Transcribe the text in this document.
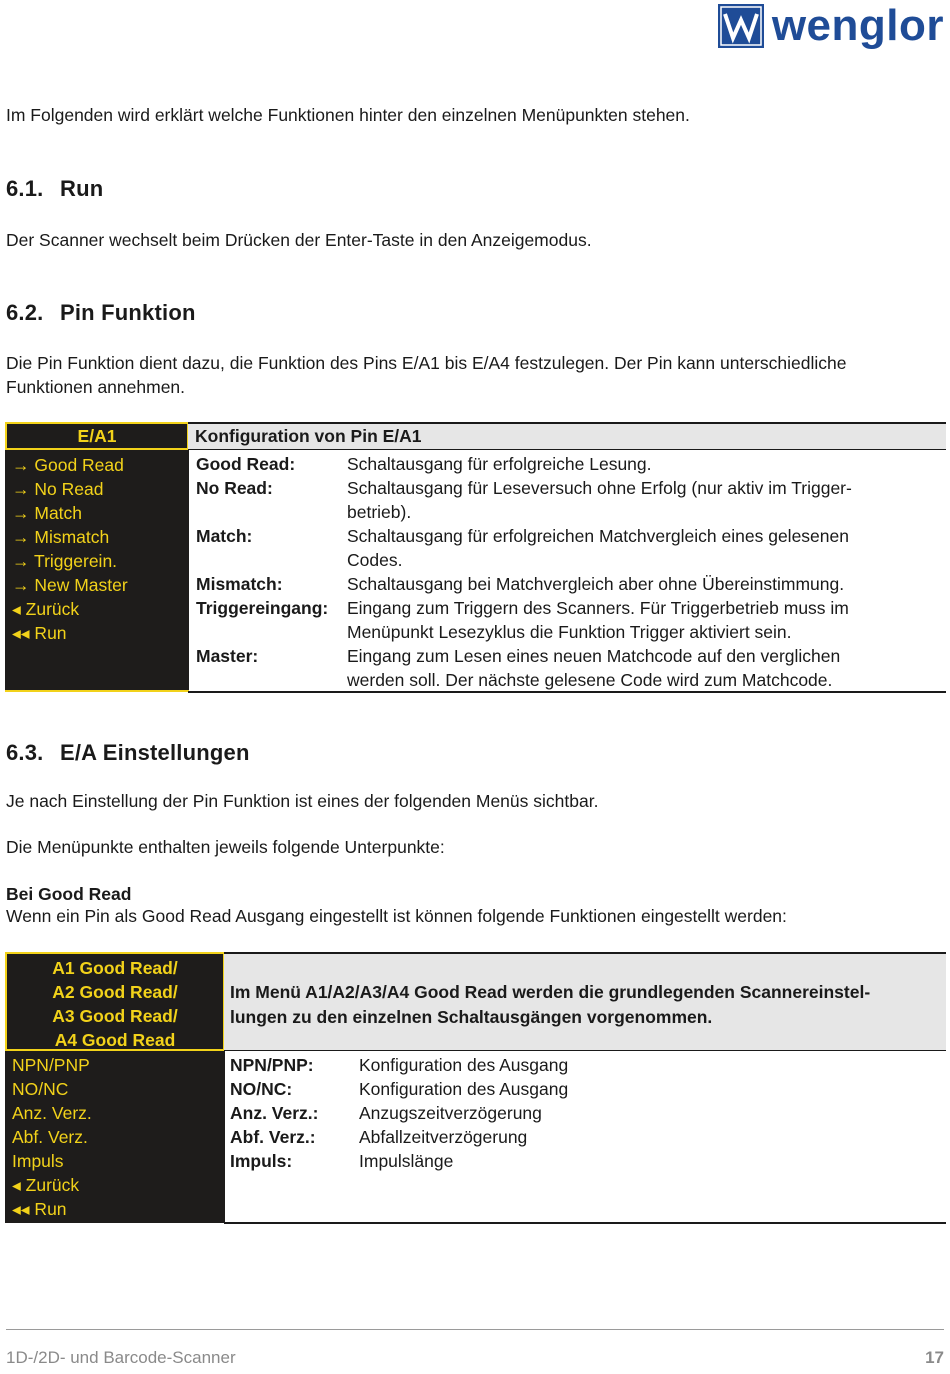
wenglor
Im Folgenden wird erklärt welche Funktionen hinter den einzelnen Menüpunkten stehen.
6.1. Run
Der Scanner wechselt beim Drücken der Enter-Taste in den Anzeigemodus.
6.2. Pin Funktion
Die Pin Funktion dient dazu, die Funktion des Pins E/A1 bis E/A4 festzulegen. Der Pin kann unterschiedliche
Funktionen annehmen.
E/A1	Konfiguration von Pin E/A1
→ Good Read
→ No Read
→ Match
→ Mismatch
→ Triggerein.
→ New Master
◂ Zurück
◂◂ Run
Good Read:	Schaltausgang für erfolgreiche Lesung.
No Read:	Schaltausgang für Leseversuch ohne Erfolg (nur aktiv im Trigger-
betrieb).
Match:	Schaltausgang für erfolgreichen Matchvergleich eines gelesenen
Codes.
Mismatch:	Schaltausgang bei Matchvergleich aber ohne Übereinstimmung.
Triggereingang:	Eingang zum Triggern des Scanners. Für Triggerbetrieb muss im
Menüpunkt Lesezyklus die Funktion Trigger aktiviert sein.
Master:	Eingang zum Lesen eines neuen Matchcode auf den verglichen
werden soll. Der nächste gelesene Code wird zum Matchcode.
6.3. E/A Einstellungen
Je nach Einstellung der Pin Funktion ist eines der folgenden Menüs sichtbar.
Die Menüpunkte enthalten jeweils folgende Unterpunkte:
Bei Good Read
Wenn ein Pin als Good Read Ausgang eingestellt ist können folgende Funktionen eingestellt werden:
A1 Good Read/
A2 Good Read/
A3 Good Read/
A4 Good Read
Im Menü A1/A2/A3/A4 Good Read werden die grundlegenden Scannereinstel-
lungen zu den einzelnen Schaltausgängen vorgenommen.
NPN/PNP
NO/NC
Anz. Verz.
Abf. Verz.
Impuls
◂ Zurück
◂◂ Run
NPN/PNP:	Konfiguration des Ausgang
NO/NC:	Konfiguration des Ausgang
Anz. Verz.:	Anzugszeitverzögerung
Abf. Verz.:	Abfallzeitverzögerung
Impuls:	Impulslänge
1D-/2D- und Barcode-Scanner	17
